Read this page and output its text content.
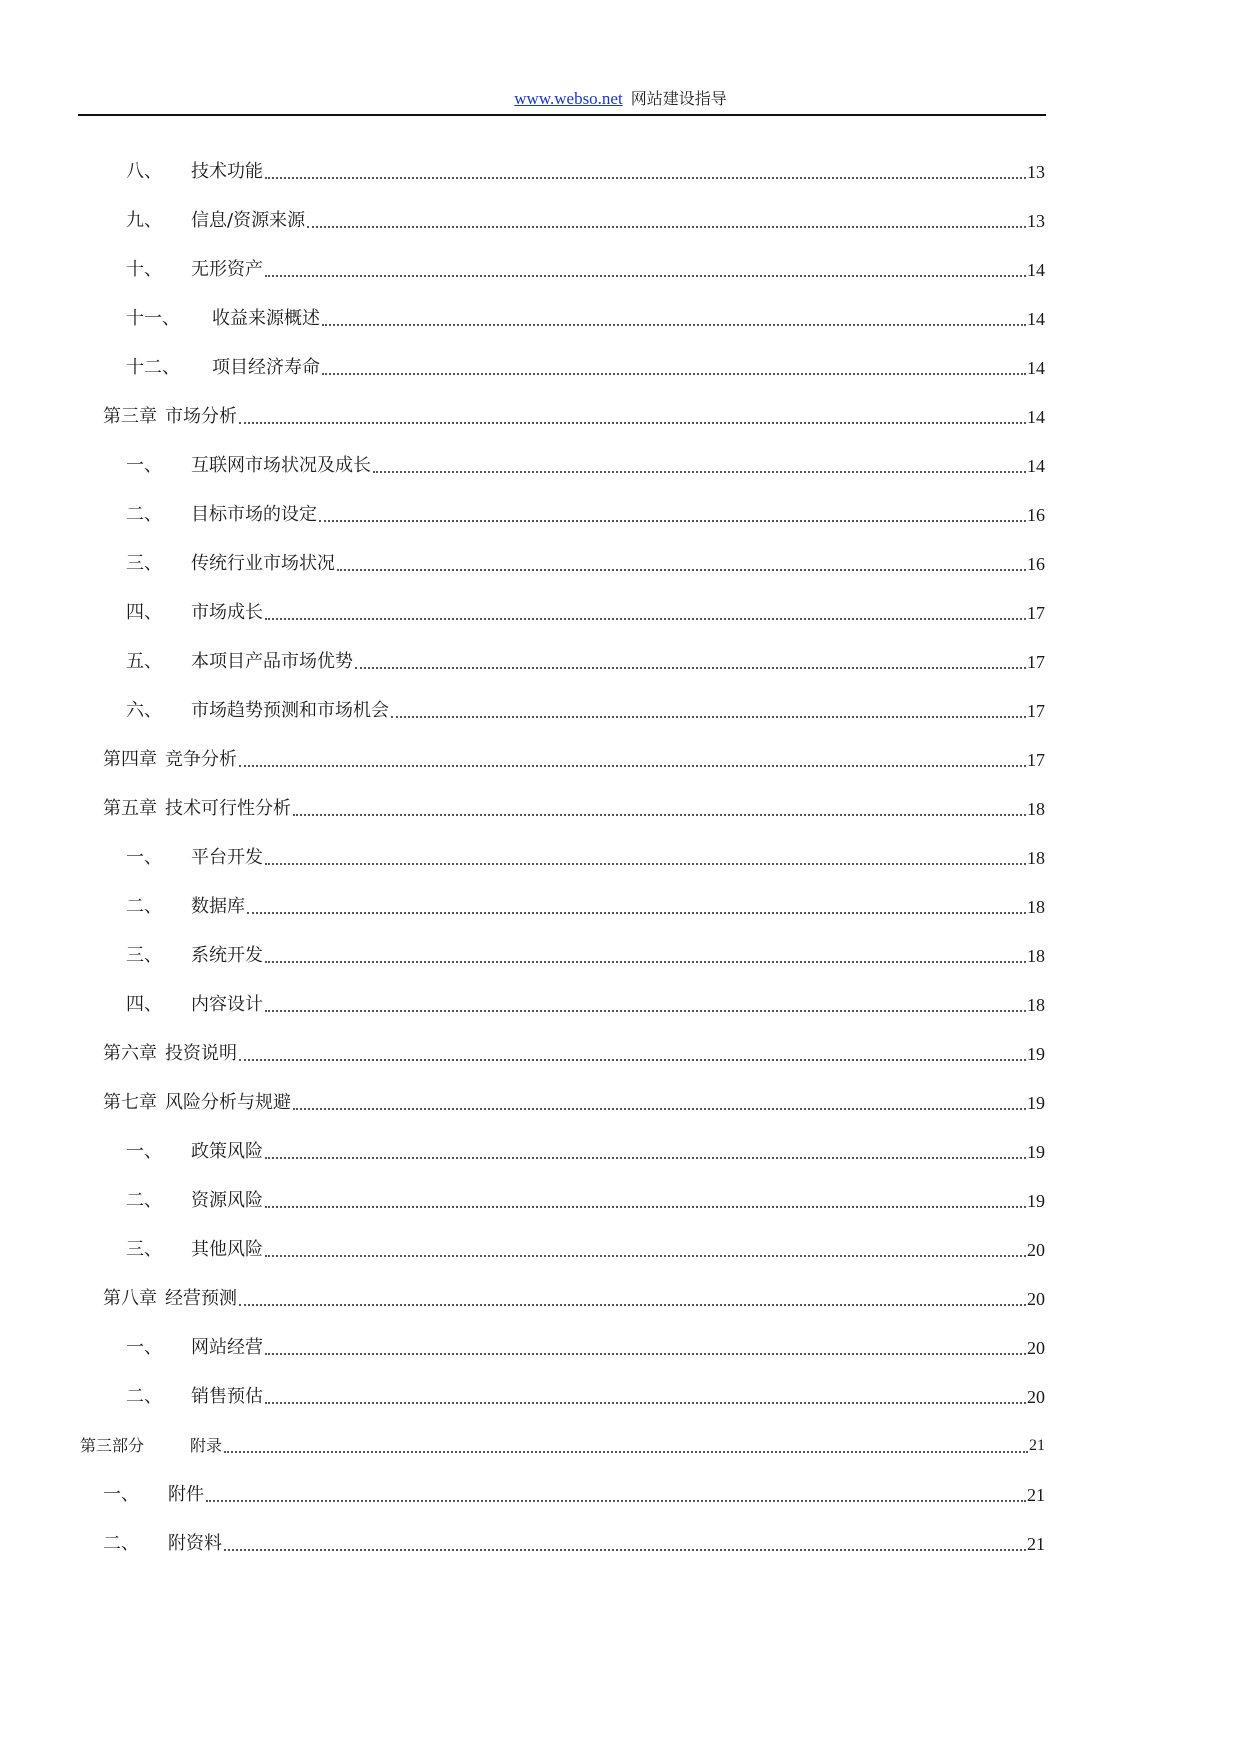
www.webso.net 网站建设指导
八、	技术功能	13
九、	信息/资源来源	13
十、	无形资产	14
十一、	收益来源概述	14
十二、	项目经济寿命	14
第三章 市场分析	14
一、	互联网市场状况及成长	14
二、	目标市场的设定	16
三、	传统行业市场状况	16
四、	市场成长	17
五、	本项目产品市场优势	17
六、	市场趋势预测和市场机会	17
第四章 竞争分析	17
第五章 技术可行性分析	18
一、	平台开发	18
二、	数据库	18
三、	系统开发	18
四、	内容设计	18
第六章 投资说明	19
第七章 风险分析与规避	19
一、	政策风险	19
二、	资源风险	19
三、	其他风险	20
第八章 经营预测	20
一、	网站经营	20
二、	销售预估	20
第三部分	附录	21
一、	附件	21
二、	附资料	21
